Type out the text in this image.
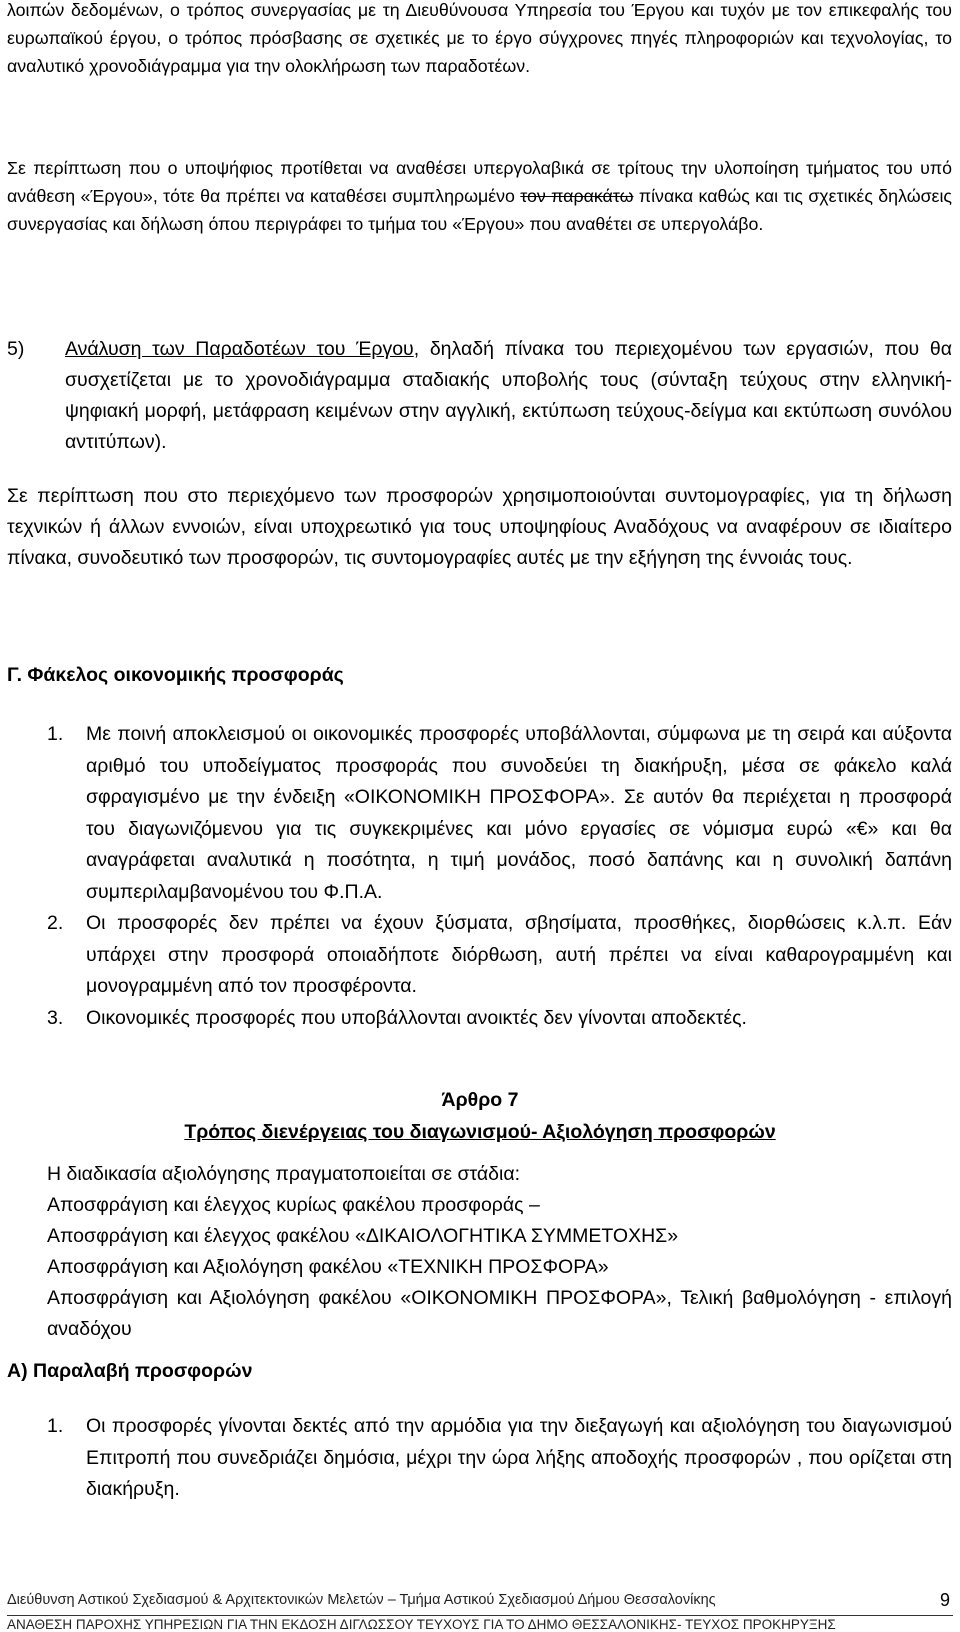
λοιπών δεδομένων, ο τρόπος συνεργασίας με τη Διευθύνουσα Υπηρεσία του Έργου και τυχόν με τον επικεφαλής του ευρωπαϊκού έργου, ο τρόπος πρόσβασης σε σχετικές με το έργο σύγχρονες πηγές πληροφοριών και τεχνολογίας, το αναλυτικό χρονοδιάγραμμα για την ολοκλήρωση των παραδοτέων.

Σε περίπτωση που ο υποψήφιος προτίθεται να αναθέσει υπεργολαβικά σε τρίτους την υλοποίηση τμήματος του υπό ανάθεση «Έργου», τότε θα πρέπει να καταθέσει συμπληρωμένο τον παρακάτω πίνακα καθώς και τις σχετικές δηλώσεις συνεργασίας και δήλωση όπου περιγράφει το τμήμα του «Έργου» που αναθέτει σε υπεργολάβο.

5) Ανάλυση των Παραδοτέων του Έργου, δηλαδή πίνακα του περιεχομένου των εργασιών, που θα συσχετίζεται με το χρονοδιάγραμμα σταδιακής υποβολής τους (σύνταξη τεύχους στην ελληνική- ψηφιακή μορφή, μετάφραση κειμένων στην αγγλική, εκτύπωση τεύχους-δείγμα και εκτύπωση συνόλου αντιτύπων).

Σε περίπτωση που στο περιεχόμενο των προσφορών χρησιμοποιούνται συντομογραφίες, για τη δήλωση τεχνικών ή άλλων εννοιών, είναι υποχρεωτικό για τους υποψηφίους Αναδόχους να αναφέρουν σε ιδιαίτερο πίνακα, συνοδευτικό των προσφορών, τις συντομογραφίες αυτές με την εξήγηση της έννοιάς τους.

Γ. Φάκελος οικονομικής προσφοράς
1. Με ποινή αποκλεισμού οι οικονομικές προσφορές υποβάλλονται, σύμφωνα με τη σειρά και αύξοντα αριθμό του υποδείγματος προσφοράς που συνοδεύει τη διακήρυξη, μέσα σε φάκελο καλά σφραγισμένο με την ένδειξη «ΟΙΚΟΝΟΜΙΚΗ ΠΡΟΣΦΟΡΑ». Σε αυτόν θα περιέχεται η προσφορά του διαγωνιζόμενου για τις συγκεκριμένες και μόνο εργασίες σε νόμισμα ευρώ «€» και θα αναγράφεται αναλυτικά η ποσότητα, η τιμή μονάδος, ποσό δαπάνης και η συνολική δαπάνη συμπεριλαμβανομένου του Φ.Π.Α.
2. Οι προσφορές δεν πρέπει να έχουν ξύσματα, σβησίματα, προσθήκες, διορθώσεις κ.λ.π. Εάν υπάρχει στην προσφορά οποιαδήποτε διόρθωση, αυτή πρέπει να είναι καθαρογραμμένη και μονογραμμένη από τον προσφέροντα.
3. Οικονομικές προσφορές που υποβάλλονται ανοικτές δεν γίνονται αποδεκτές.
Άρθρο 7
Τρόπος διενέργειας του διαγωνισμού- Αξιολόγηση προσφορών
Η διαδικασία αξιολόγησης πραγματοποιείται σε στάδια:
Αποσφράγιση και έλεγχος κυρίως φακέλου προσφοράς –
Αποσφράγιση και έλεγχος φακέλου «ΔΙΚΑΙΟΛΟΓΗΤΙΚΑ ΣΥΜΜΕΤΟΧΗΣ»
Αποσφράγιση και Αξιολόγηση φακέλου «ΤΕΧΝΙΚΗ ΠΡΟΣΦΟΡΑ»
Αποσφράγιση και Αξιολόγηση φακέλου «ΟΙΚΟΝΟΜΙΚΗ ΠΡΟΣΦΟΡΑ», Τελική βαθμολόγηση - επιλογή αναδόχου
Α) Παραλαβή προσφορών
1. Οι προσφορές γίνονται δεκτές από την αρμόδια για την διεξαγωγή και αξιολόγηση του διαγωνισμού Επιτροπή που συνεδριάζει δημόσια, μέχρι την ώρα λήξης αποδοχής προσφορών , που ορίζεται στη διακήρυξη.
Διεύθυνση Αστικού Σχεδιασμού & Αρχιτεκτονικών Μελετών – Τμήμα Αστικού Σχεδιασμού Δήμου Θεσσαλονίκης	9
ΑΝΑΘΕΣΗ ΠΑΡΟΧΗΣ ΥΠΗΡΕΣΙΩΝ ΓΙΑ ΤΗΝ ΕΚΔΟΣΗ ΔΙΓΛΩΣΣΟΥ ΤΕΥΧΟΥΣ ΓΙΑ ΤΟ ΔΗΜΟ ΘΕΣΣΑΛΟΝΙΚΗΣ- ΤΕΥΧΟΣ ΠΡΟΚΗΡΥΞΗΣ
